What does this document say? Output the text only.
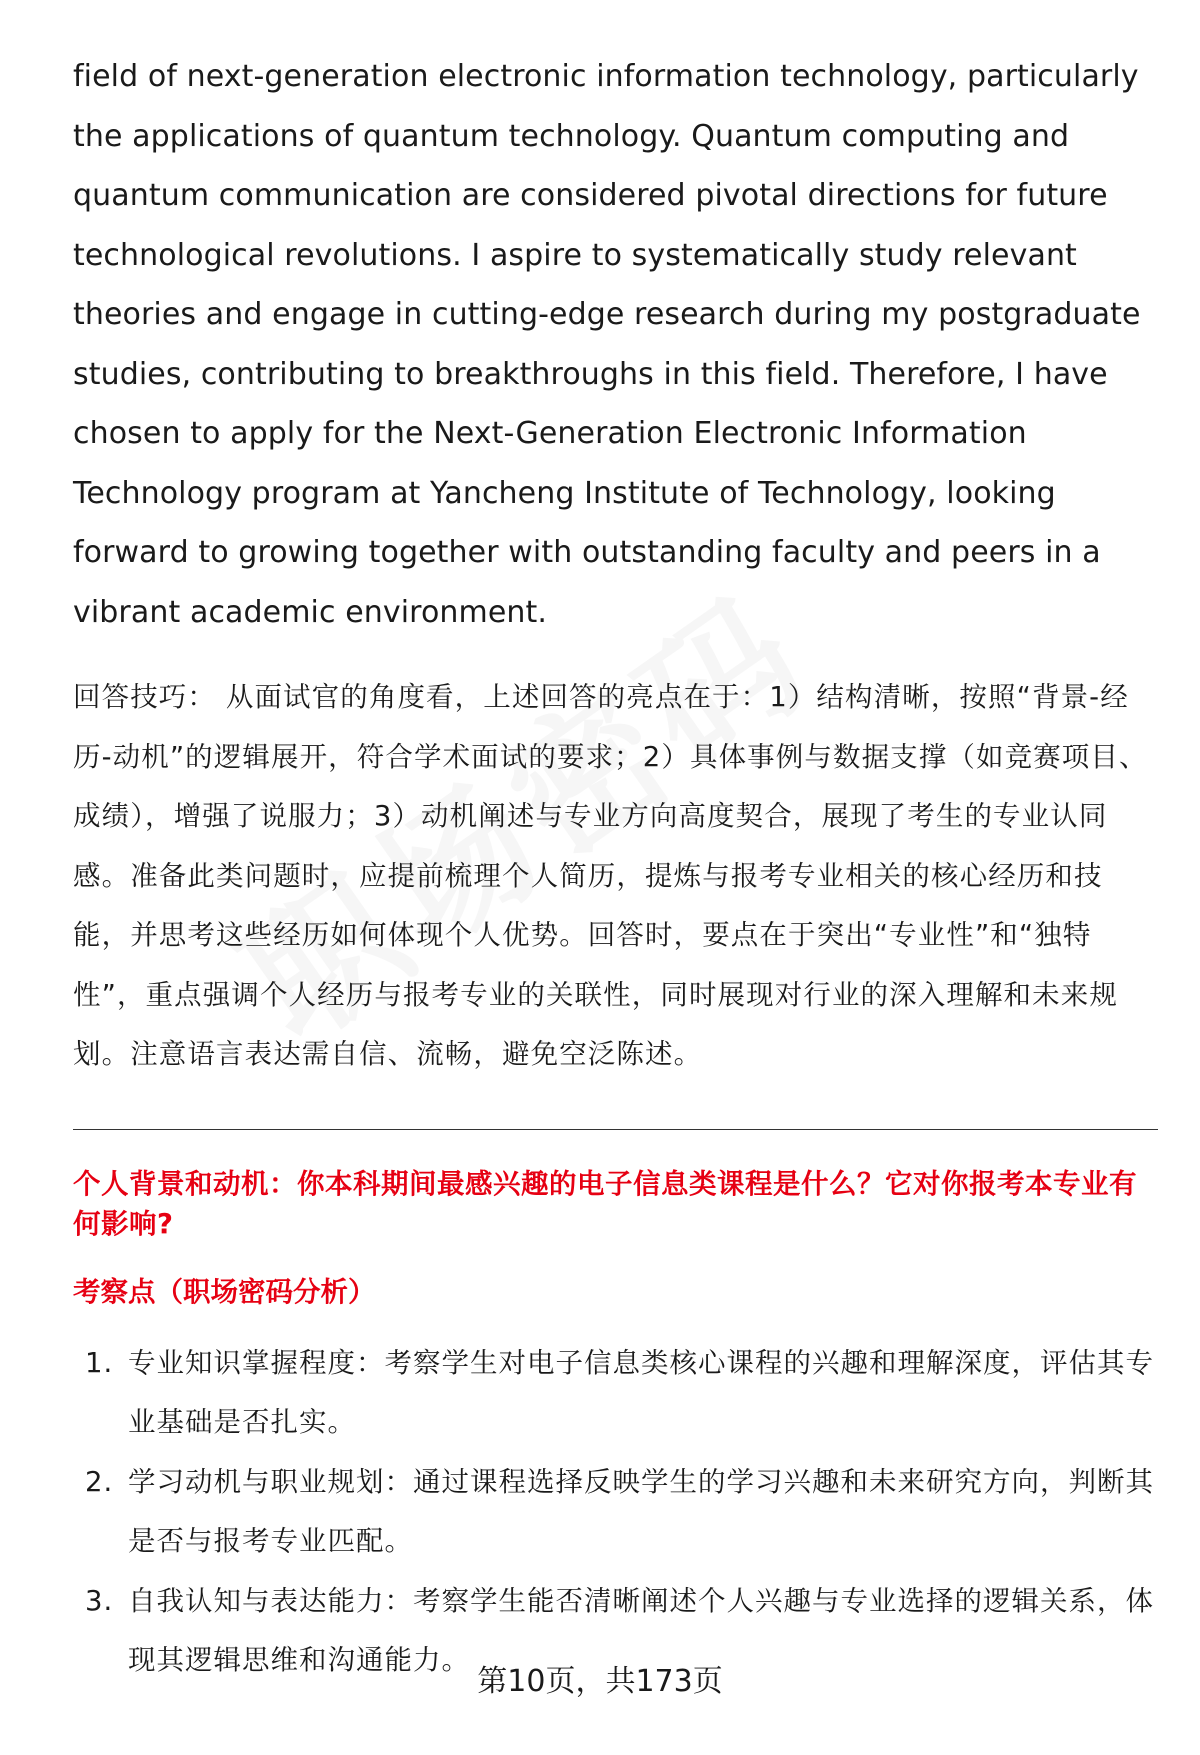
field of next-generation electronic information technology, particularly the applications of quantum technology. Quantum computing and quantum communication are considered pivotal directions for future technological revolutions. I aspire to systematically study relevant theories and engage in cutting-edge research during my postgraduate studies, contributing to breakthroughs in this field. Therefore, I have chosen to apply for the Next-Generation Electronic Information Technology program at Yancheng Institute of Technology, looking forward to growing together with outstanding faculty and peers in a vibrant academic environment.

回答技巧： 从面试官的角度看，上述回答的亮点在于：1）结构清晰，按照“背景-经历-动机”的逻辑展开，符合学术面试的要求；2）具体事例与数据支撑（如竞赛项目、成绩），增强了说服力；3）动机阐述与专业方向高度契合，展现了考生的专业认同感。准备此类问题时，应提前梳理个人简历，提炼与报考专业相关的核心经历和技能，并思考这些经历如何体现个人优势。回答时，要点在于突出“专业性”和“独特性”，重点强调个人经历与报考专业的关联性，同时展现对行业的深入理解和未来规划。注意语言表达需自信、流畅，避免空泛陈述。

个人背景和动机：你本科期间最感兴趣的电子信息类课程是什么？它对你报考本专业有何影响?

考察点（职场密码分析）

1. 专业知识掌握程度：考察学生对电子信息类核心课程的兴趣和理解深度，评估其专业基础是否扎实。
2. 学习动机与职业规划：通过课程选择反映学生的学习兴趣和未来研究方向，判断其是否与报考专业匹配。
3. 自我认知与表达能力：考察学生能否清晰阐述个人兴趣与专业选择的逻辑关系，体现其逻辑思维和沟通能力。
第10页，共173页
